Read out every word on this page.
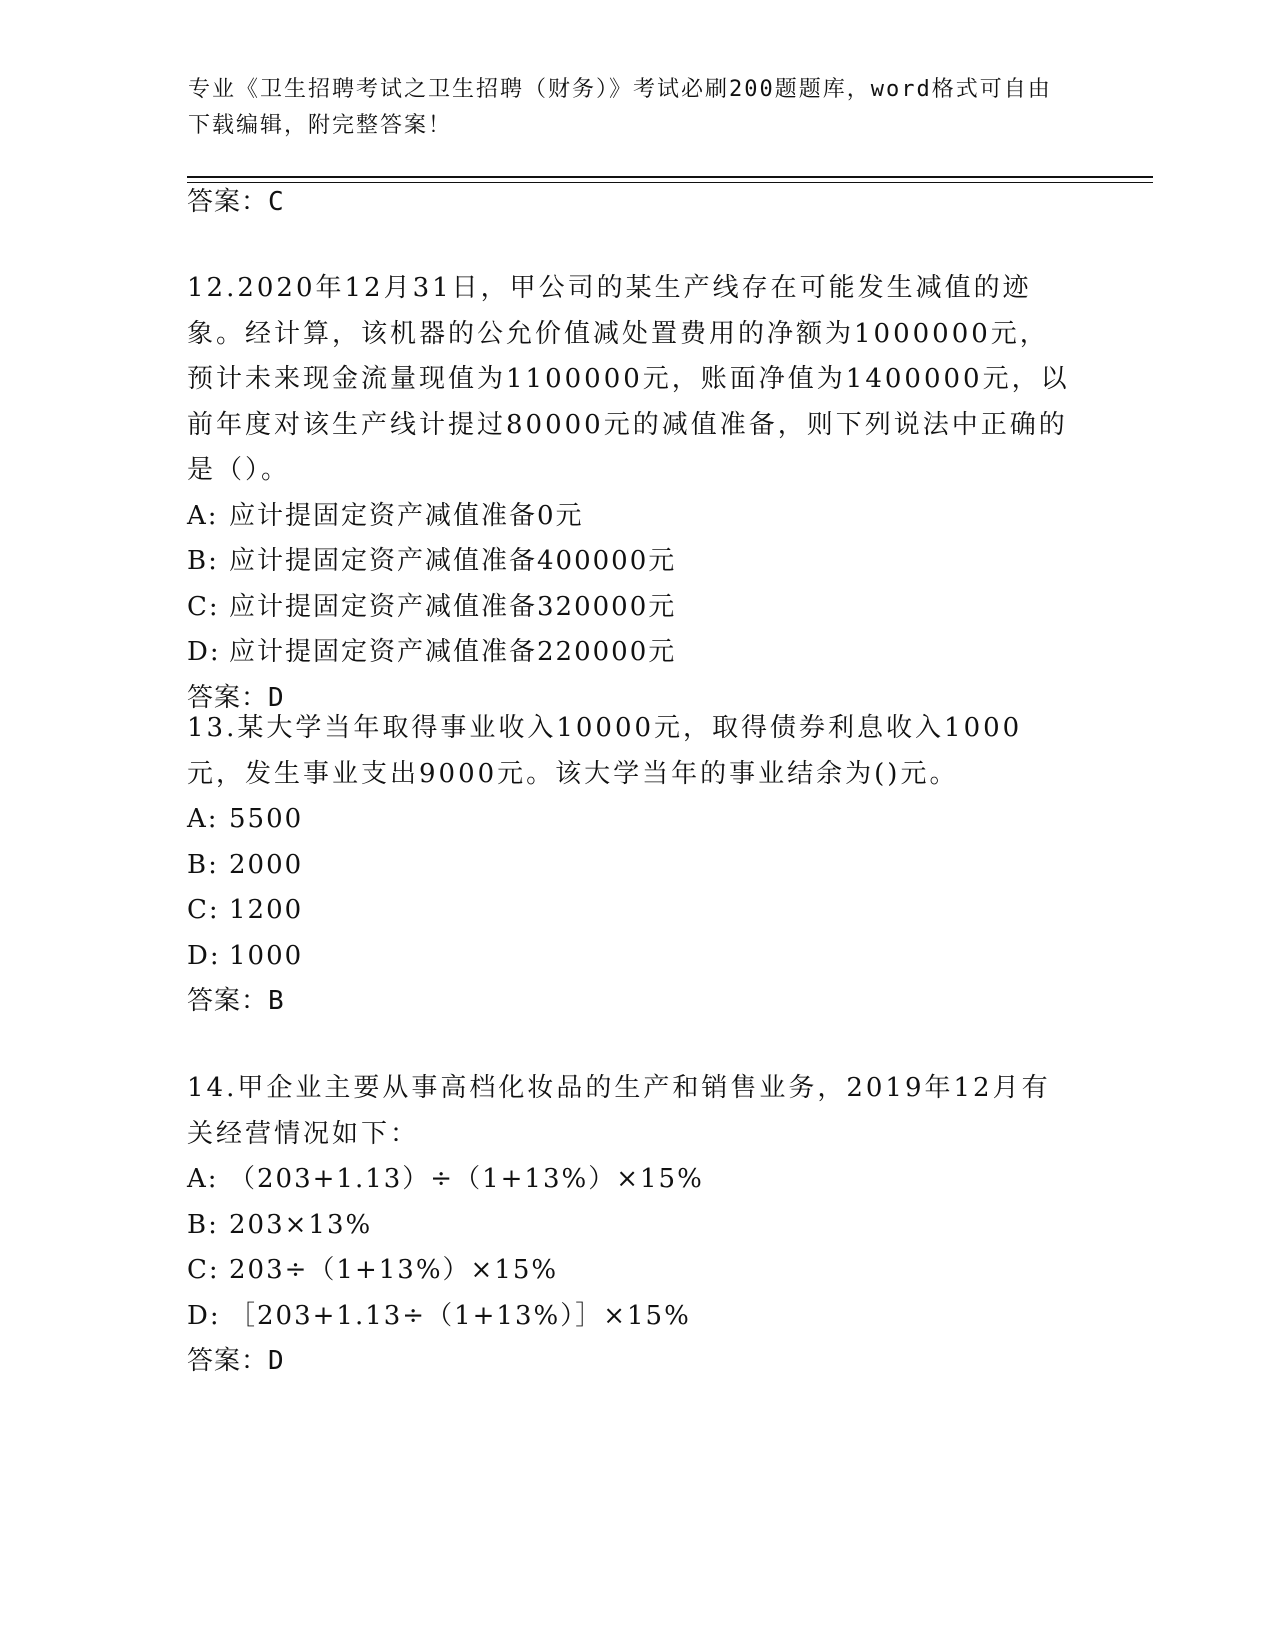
专业《卫生招聘考试之卫生招聘（财务）》考试必刷200题题库，word格式可自由下载编辑，附完整答案！
答案：C

12.2020年12月31日，甲公司的某生产线存在可能发生减值的迹象。经计算，该机器的公允价值减处置费用的净额为1000000元，预计未来现金流量现值为1100000元，账面净值为1400000元，以前年度对该生产线计提过80000元的减值准备，则下列说法中正确的是（）。

A: 应计提固定资产减值准备0元
B: 应计提固定资产减值准备400000元
C: 应计提固定资产减值准备320000元
D: 应计提固定资产减值准备220000元
答案：D

13.某大学当年取得事业收入10000元，取得债券利息收入1000元，发生事业支出9000元。该大学当年的事业结余为()元。

A: 5500
B: 2000
C: 1200
D: 1000
答案：B

14.甲企业主要从事高档化妆品的生产和销售业务，2019年12月有关经营情况如下：

A: （203+1.13）÷（1+13%）×15%
B: 203×13%
C: 203÷（1+13%）×15%
D: ［203+1.13÷（1+13%）］×15%
答案：D
